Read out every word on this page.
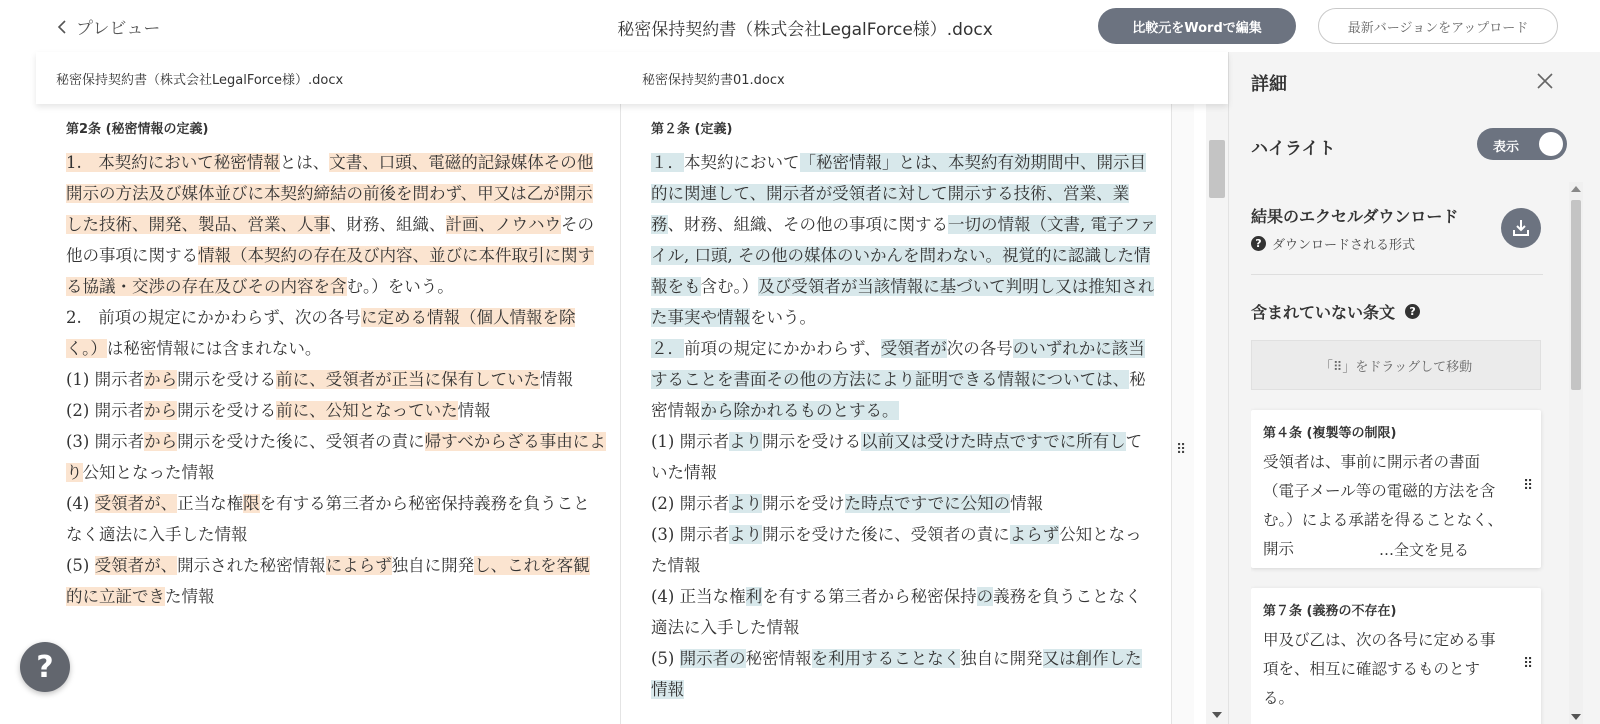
プレビュー	秘密保持契約書（株式会社LegalForce様）.docx	比較元をWordで編集	最新バージョンをアップロード
秘密保持契約書（株式会社LegalForce様）.docx	秘密保持契約書01.docx
第2条 (秘密情報の定義)

1.　本契約において秘密情報とは、文書、口頭、電磁的記録媒体その他開示の方法及び媒体並びに本契約締結の前後を問わず、甲又は乙が開示した技術、開発、製品、営業、人事、財務、組織、計画、ノウハウその他の事項に関する情報（本契約の存在及び内容、並びに本件取引に関する協議・交渉の存在及びその内容を含む。）をいう。

2.　前項の規定にかかわらず、次の各号に定める情報（個人情報を除く。）は秘密情報には含まれない。

(1) 開示者から開示を受ける前に、受領者が正当に保有していた情報

(2) 開示者から開示を受ける前に、公知となっていた情報

(3) 開示者から開示を受けた後に、受領者の責に帰すべからざる事由により公知となった情報

(4) 受領者が、正当な権限を有する第三者から秘密保持義務を負うことなく適法に入手した情報

(5) 受領者が、開示された秘密情報によらず独自に開発し、これを客観的に立証できた情報

第２条 (定義)

１．本契約において「秘密情報」とは、本契約有効期間中、開示目的に関連して、開示者が受領者に対して開示する技術、営業、業務、財務、組織、その他の事項に関する一切の情報（文書, 電子ファイル, 口頭, その他の媒体のいかんを問わない。視覚的に認識した情報をも含む。）及び受領者が当該情報に基づいて判明し又は推知された事実や情報をいう。

２．前項の規定にかかわらず、受領者が次の各号のいずれかに該当することを書面その他の方法により証明できる情報については、秘密情報から除かれるものとする。

(1) 開示者より開示を受ける以前又は受けた時点ですでに所有していた情報

(2) 開示者より開示を受けた時点ですでに公知の情報

(3) 開示者より開示を受けた後に、受領者の責によらず公知となった情報

(4) 正当な権利を有する第三者から秘密保持の義務を負うことなく適法に入手した情報

(5) 開示者の秘密情報を利用することなく独自に開発又は創作した情報

⠿
詳細
ハイライト	表示
結果のエクセルダウンロード
? ダウンロードされる形式
含まれていない条文	?
「⠿」をドラッグして移動
第４条 (複製等の制限)
受領者は、事前に開示者の書面（電子メール等の電磁的方法を含む。）による承諾を得ることなく、開示	…全文を見る
⠿
第７条 (義務の不存在)
甲及び乙は、次の各号に定める事項を、相互に確認するものとする。
⠿
?
